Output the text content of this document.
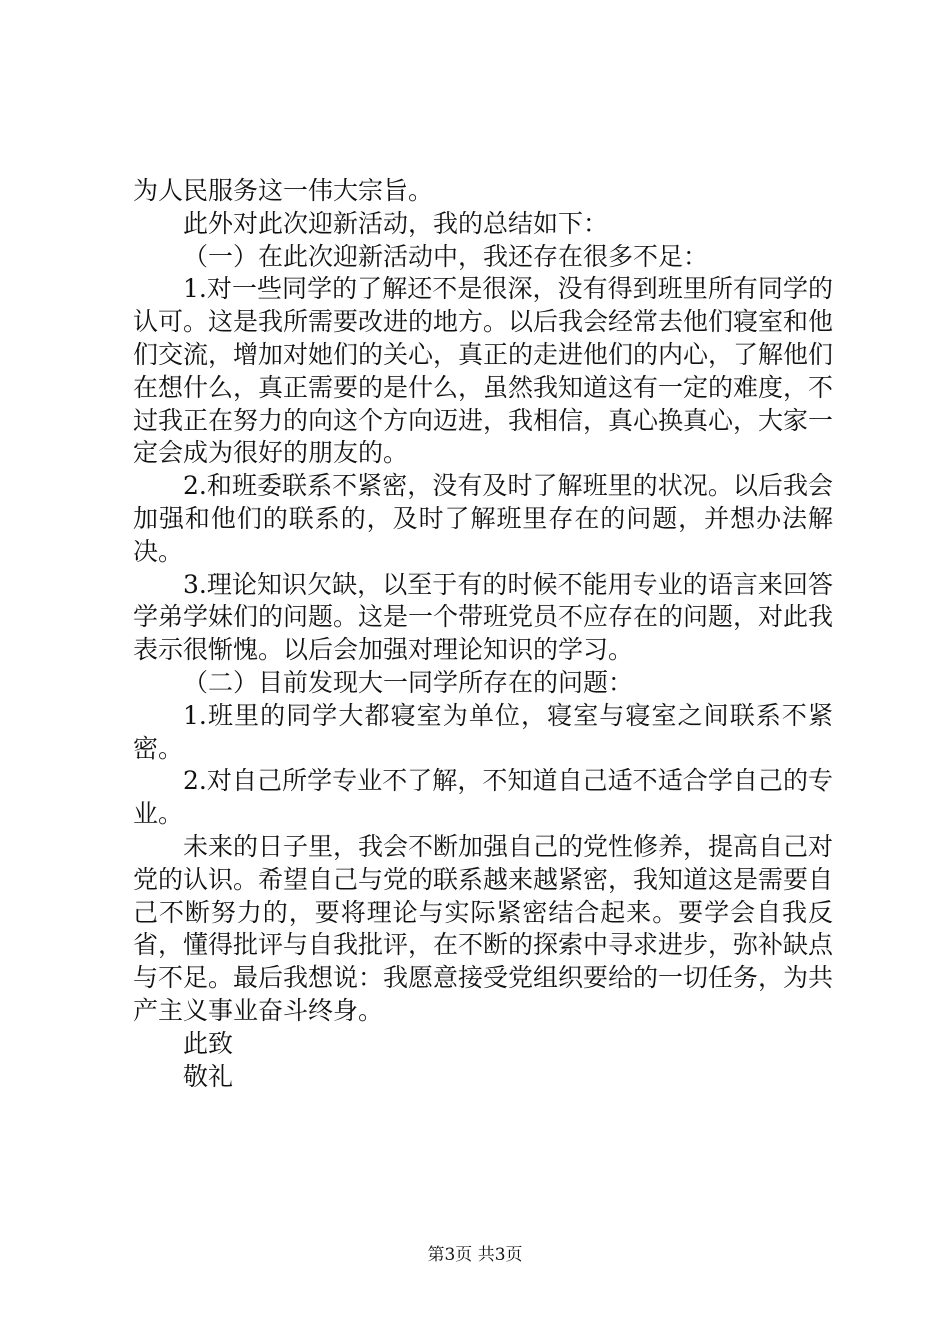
为人民服务这一伟大宗旨。

此外对此次迎新活动，我的总结如下：

（一）在此次迎新活动中，我还存在很多不足：

1.对一些同学的了解还不是很深，没有得到班里所有同学的认可。这是我所需要改进的地方。以后我会经常去他们寝室和他们交流，增加对她们的关心，真正的走进他们的内心，了解他们在想什么，真正需要的是什么，虽然我知道这有一定的难度，不过我正在努力的向这个方向迈进，我相信，真心换真心，大家一定会成为很好的朋友的。

2.和班委联系不紧密，没有及时了解班里的状况。以后我会加强和他们的联系的，及时了解班里存在的问题，并想办法解决。

3.理论知识欠缺，以至于有的时候不能用专业的语言来回答学弟学妹们的问题。这是一个带班党员不应存在的问题，对此我表示很惭愧。以后会加强对理论知识的学习。

（二）目前发现大一同学所存在的问题：

1.班里的同学大都寝室为单位，寝室与寝室之间联系不紧密。

2.对自己所学专业不了解，不知道自己适不适合学自己的专业。

未来的日子里，我会不断加强自己的党性修养，提高自己对党的认识。希望自己与党的联系越来越紧密，我知道这是需要自己不断努力的，要将理论与实际紧密结合起来。要学会自我反省，懂得批评与自我批评，在不断的探索中寻求进步，弥补缺点与不足。最后我想说：我愿意接受党组织要给的一切任务，为共产主义事业奋斗终身。

此致

敬礼

第3页 共3页
